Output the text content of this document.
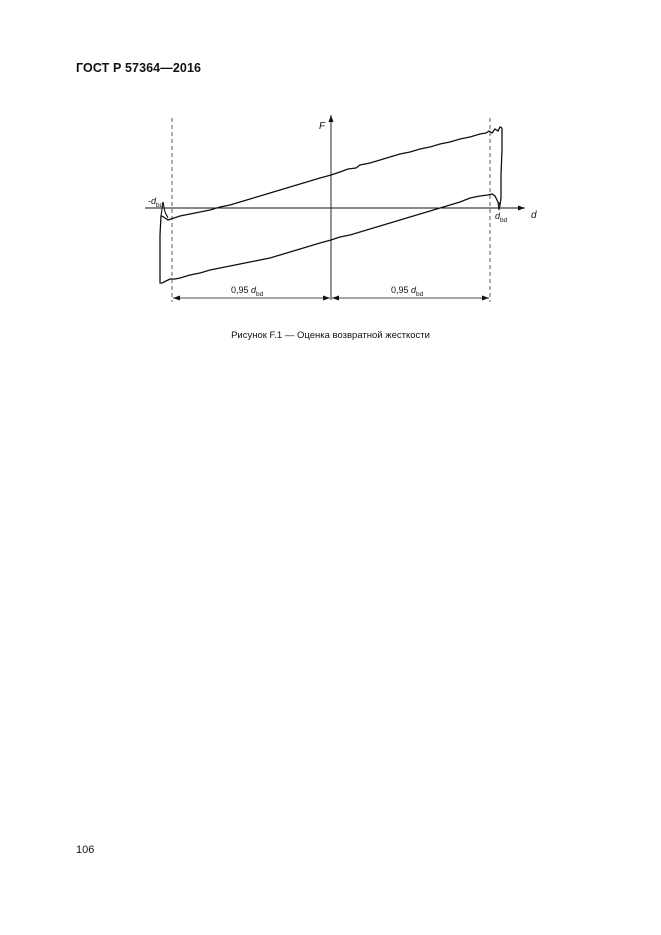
ГОСТ Р 57364—2016
F
d
$-d_{bd}$
$d_{bd}$
0,95 $d_{bd}$	0,95 $d_{bd}$
Рисунок F.1 — Оценка возвратной жесткости
106
